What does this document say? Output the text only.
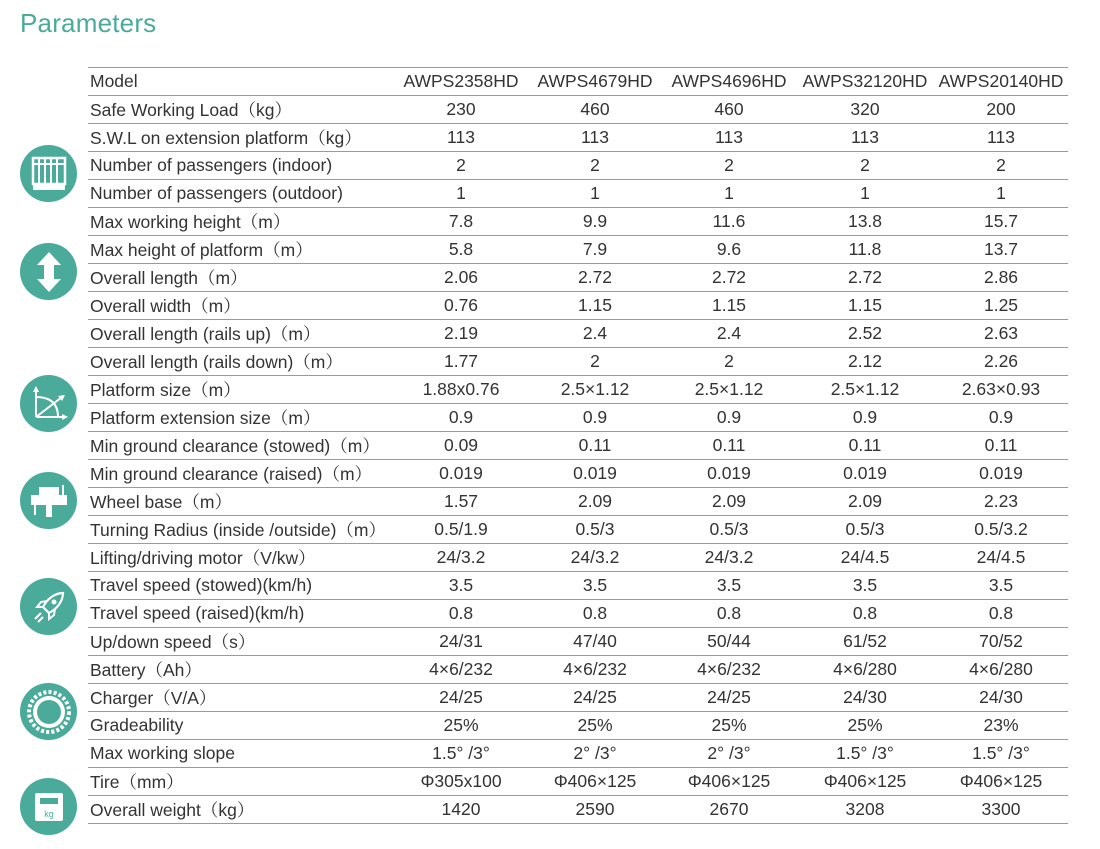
Parameters
Model	AWPS2358HD	AWPS4679HD	AWPS4696HD	AWPS32120HD	AWPS20140HD
Safe Working Load（kg）	230	460	460	320	200
S.W.L on extension platform（kg）	113	113	113	113	113
Number of passengers (indoor)	2	2	2	2	2
Number of passengers (outdoor)	1	1	1	1	1
Max working height（m）	7.8	9.9	11.6	13.8	15.7
Max height of platform（m）	5.8	7.9	9.6	11.8	13.7
Overall length（m）	2.06	2.72	2.72	2.72	2.86
Overall width（m）	0.76	1.15	1.15	1.15	1.25
Overall length (rails up)（m）	2.19	2.4	2.4	2.52	2.63
Overall length (rails down)（m）	1.77	2	2	2.12	2.26
Platform size（m）	1.88x0.76	2.5×1.12	2.5×1.12	2.5×1.12	2.63×0.93
Platform extension size（m）	0.9	0.9	0.9	0.9	0.9
Min ground clearance (stowed)（m）	0.09	0.11	0.11	0.11	0.11
Min ground clearance (raised)（m）	0.019	0.019	0.019	0.019	0.019
Wheel base（m）	1.57	2.09	2.09	2.09	2.23
Turning Radius (inside /outside)（m）	0.5/1.9	0.5/3	0.5/3	0.5/3	0.5/3.2
Lifting/driving motor（V/kw）	24/3.2	24/3.2	24/3.2	24/4.5	24/4.5
Travel speed (stowed)(km/h)	3.5	3.5	3.5	3.5	3.5
Travel speed (raised)(km/h)	0.8	0.8	0.8	0.8	0.8
Up/down speed（s）	24/31	47/40	50/44	61/52	70/52
Battery（Ah）	4×6/232	4×6/232	4×6/232	4×6/280	4×6/280
Charger（V/A）	24/25	24/25	24/25	24/30	24/30
Gradeability	25%	25%	25%	25%	23%
Max working slope	1.5° /3°	2° /3°	2° /3°	1.5° /3°	1.5° /3°
Tire（mm）	Φ305x100	Φ406×125	Φ406×125	Φ406×125	Φ406×125
Overall weight（kg）	1420	2590	2670	3208	3300
kg
